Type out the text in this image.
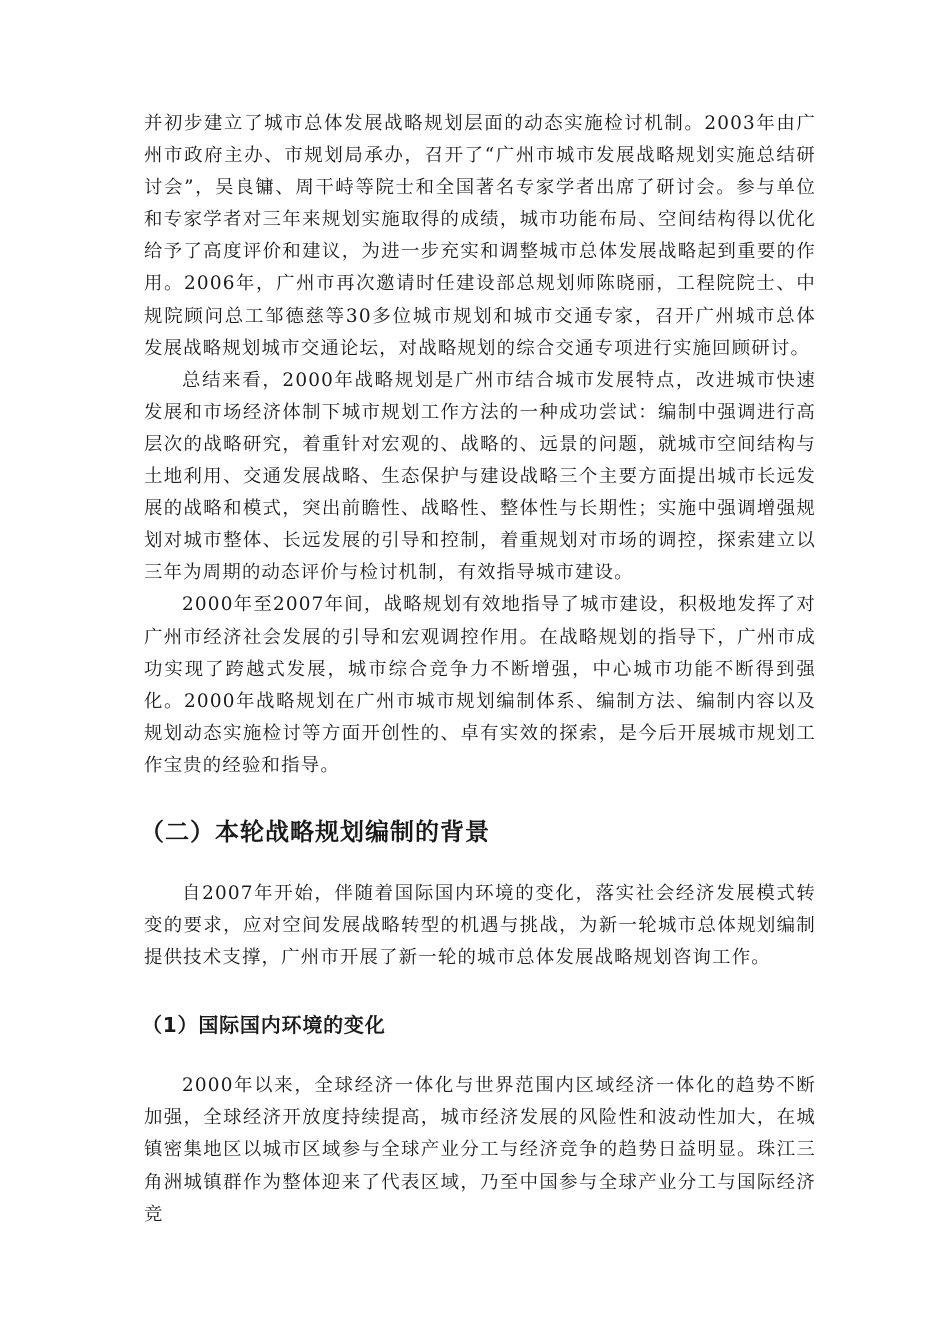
并初步建立了城市总体发展战略规划层面的动态实施检讨机制。2003年由广州市政府主办、市规划局承办，召开了“广州市城市发展战略规划实施总结研讨会”，吴良镛、周干峙等院士和全国著名专家学者出席了研讨会。参与单位和专家学者对三年来规划实施取得的成绩，城市功能布局、空间结构得以优化给予了高度评价和建议，为进一步充实和调整城市总体发展战略起到重要的作用。2006年，广州市再次邀请时任建设部总规划师陈晓丽，工程院院士、中规院顾问总工邹德慈等30多位城市规划和城市交通专家，召开广州城市总体发展战略规划城市交通论坛，对战略规划的综合交通专项进行实施回顾研讨。

总结来看，2000年战略规划是广州市结合城市发展特点，改进城市快速发展和市场经济体制下城市规划工作方法的一种成功尝试：编制中强调进行高层次的战略研究，着重针对宏观的、战略的、远景的问题，就城市空间结构与土地利用、交通发展战略、生态保护与建设战略三个主要方面提出城市长远发展的战略和模式，突出前瞻性、战略性、整体性与长期性；实施中强调增强规划对城市整体、长远发展的引导和控制，着重规划对市场的调控，探索建立以三年为周期的动态评价与检讨机制，有效指导城市建设。

2000年至2007年间，战略规划有效地指导了城市建设，积极地发挥了对广州市经济社会发展的引导和宏观调控作用。在战略规划的指导下，广州市成功实现了跨越式发展，城市综合竞争力不断增强，中心城市功能不断得到强化。2000年战略规划在广州市城市规划编制体系、编制方法、编制内容以及规划动态实施检讨等方面开创性的、卓有实效的探索，是今后开展城市规划工作宝贵的经验和指导。

（二）本轮战略规划编制的背景

自2007年开始，伴随着国际国内环境的变化，落实社会经济发展模式转变的要求，应对空间发展战略转型的机遇与挑战，为新一轮城市总体规划编制提供技术支撑，广州市开展了新一轮的城市总体发展战略规划咨询工作。

（1）国际国内环境的变化

2000年以来，全球经济一体化与世界范围内区域经济一体化的趋势不断加强，全球经济开放度持续提高，城市经济发展的风险性和波动性加大，在城镇密集地区以城市区域参与全球产业分工与经济竞争的趋势日益明显。珠江三角洲城镇群作为整体迎来了代表区域，乃至中国参与全球产业分工与国际经济竞
